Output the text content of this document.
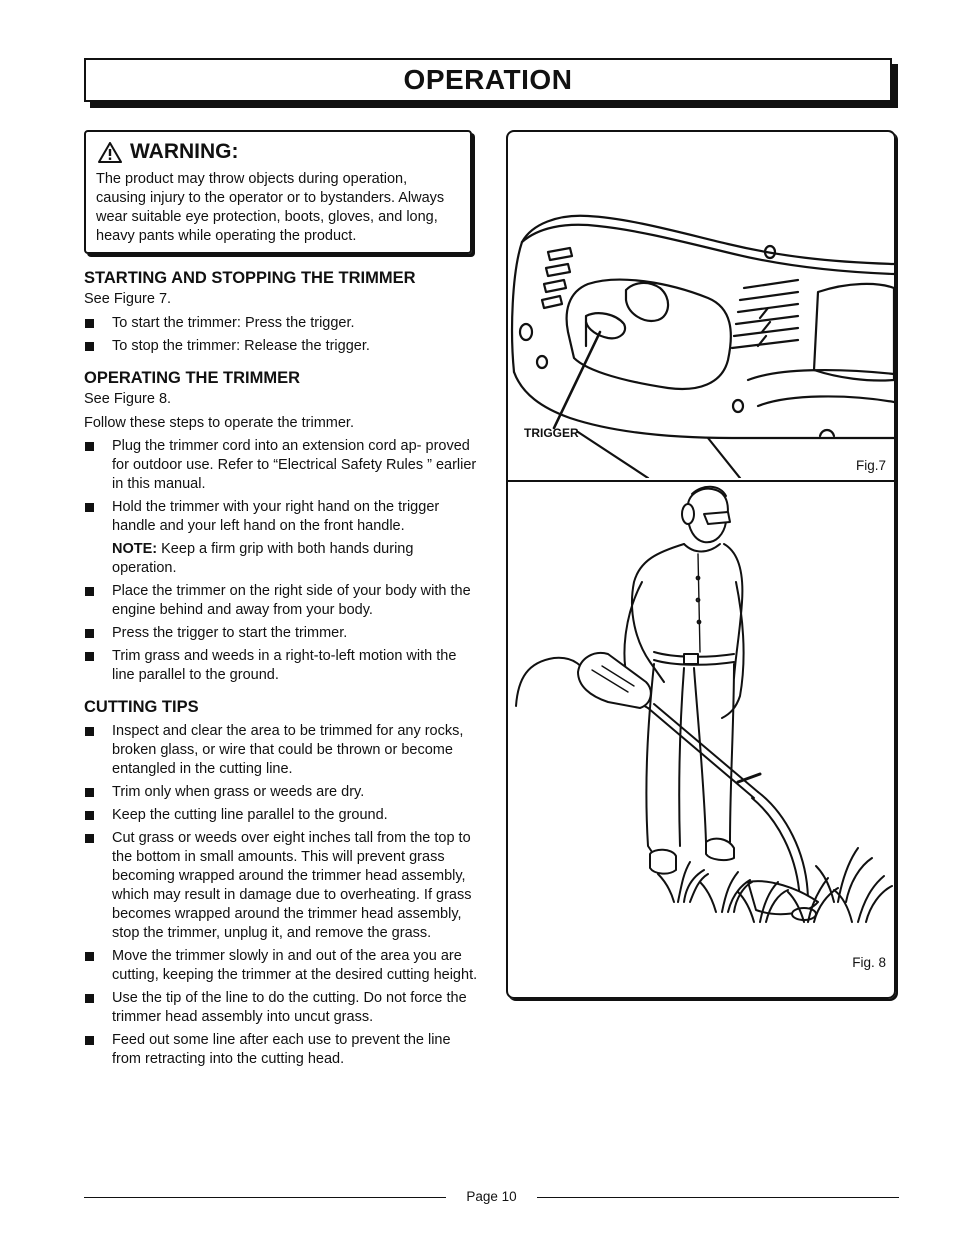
OPERATION
WARNING:
The product may throw objects during operation, causing injury to the operator or to bystanders. Always wear suitable eye protection, boots, gloves, and long, heavy pants while operating the product.
STARTING AND STOPPING THE TRIMMER

See Figure 7.

To start the trimmer: Press the trigger.
To stop the trimmer: Release the trigger.
OPERATING THE TRIMMER

See Figure 8.

Follow these steps to operate the trimmer.

Plug the trimmer cord into an extension cord ap- proved for outdoor use. Refer to “Electrical Safety Rules ” earlier in this manual.
Hold the trimmer with your right hand on the trigger handle and your left hand on the front handle.

NOTE: Keep a firm grip with both hands during operation.

Place the trimmer on the right side of your body with the engine behind and away from your body.
Press the trigger to start the trimmer.
Trim grass and weeds in a right-to-left motion with the line parallel to the ground.
CUTTING TIPS
Inspect and clear the area to be trimmed for any rocks, broken glass, or wire that could be thrown or become entangled in the cutting line.
Trim only when grass or weeds are dry.
Keep the cutting line parallel to the ground.
Cut grass or weeds over eight inches tall from the top to the bottom in small amounts. This will prevent grass becoming wrapped around the trimmer head assembly, which may result in damage due to overheating. If grass becomes wrapped around the trimmer head assembly, stop the trimmer, unplug it, and remove the grass.
Move the trimmer slowly in and out of the area you are cutting, keeping the trimmer at the desired cutting height.
Use the tip of the line to do the cutting. Do not force the trimmer head assembly into uncut grass.
Feed out some line after each use to prevent the line from retracting into the cutting head.
TRIGGER
Fig.7
Fig. 8
Page 10
